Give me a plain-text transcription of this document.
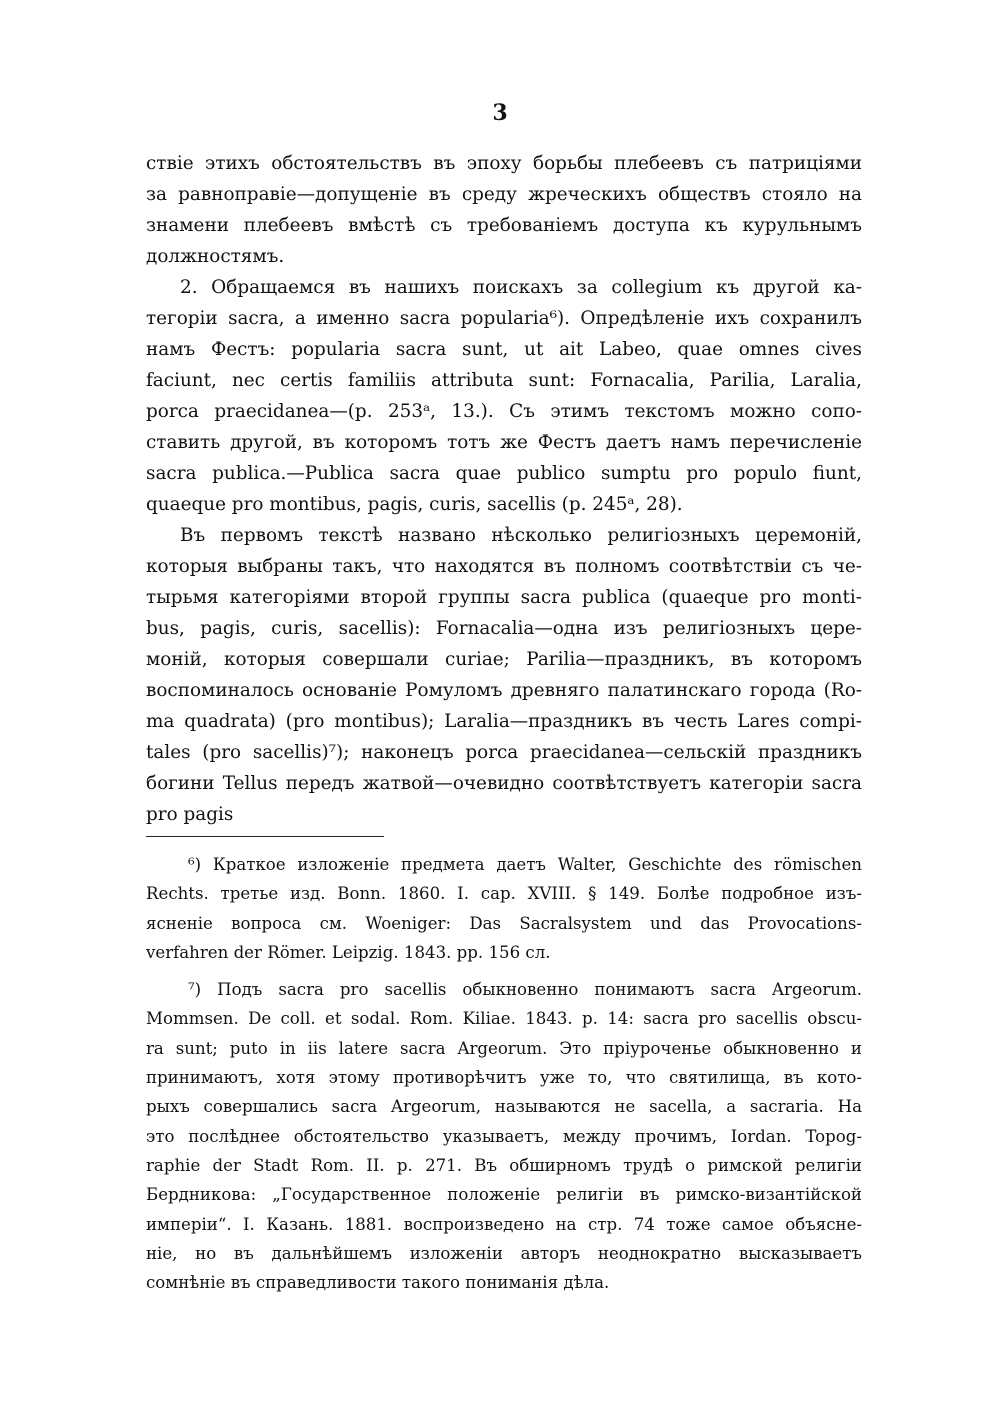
3
ствіе этихъ обстоятельствъ въ эпоху борьбы плебеевъ съ патриціями
за равноправіе—допущеніе въ среду жреческихъ обществъ стояло на
знамени плебеевъ вмѣстѣ съ требованіемъ доступа къ курульнымъ
должностямъ.
2. Обращаемся въ нашихъ поискахъ за collegium къ другой ка-
тегоріи sacra, а именно sacra popularia⁶). Опредѣленіе ихъ сохранилъ
намъ Фестъ: popularia sacra sunt, ut ait Labeo, quae omnes cives
faciunt, nec certis familiis attributa sunt: Fornacalia, Parilia, Laralia,
porca praecidanea—(p. 253ᵃ, 13.). Съ этимъ текстомъ можно сопо-
ставить другой, въ которомъ тотъ же Фестъ даетъ намъ перечисленіе
sacra publica.—Publica sacra quae publico sumptu pro populo fiunt,
quaeque pro montibus, pagis, curis, sacellis (p. 245ᵃ, 28).
Въ первомъ текстѣ названо нѣсколько религіозныхъ церемоній,
которыя выбраны такъ, что находятся въ полномъ соотвѣтствіи съ че-
тырьмя категоріями второй группы sacra publica (quaeque pro monti-
bus, pagis, curis, sacellis): Fornacalia—одна изъ религіозныхъ цере-
моній, которыя совершали curiae; Parilia—праздникъ, въ которомъ
воспоминалось основаніе Ромуломъ древняго палатинскаго города (Ro-
ma quadrata) (pro montibus); Laralia—праздникъ въ честь Lares compi-
tales (pro sacellis)⁷); наконецъ porca praecidanea—сельскій праздникъ
богини Tellus передъ жатвой—очевидно соотвѣтствуетъ категоріи sacra
pro pagis
⁶) Краткое изложеніе предмета даетъ Walter, Geschichte des römischen
Rechts. третье изд. Bonn. 1860. I. cap. XVIII. § 149. Болѣе подробное изъ-
ясненіе вопроса см. Woeniger: Das Sacralsystem und das Provocations-
verfahren der Römer. Leipzig. 1843. pp. 156 сл.
⁷) Подъ sacra pro sacellis обыкновенно понимаютъ sacra Argeorum.
Mommsen. De coll. et sodal. Rom. Kiliae. 1843. p. 14: sacra pro sacellis obscu-
ra sunt; puto in iis latere sacra Argeorum. Это пріуроченье обыкновенно и
принимаютъ, хотя этому противорѣчитъ уже то, что святилища, въ кото-
рыхъ совершались sacra Argeorum, называются не sacella, а sacraria. На
это послѣднее обстоятельство указываетъ, между прочимъ, Iordan. Topog-
raphie der Stadt Rom. II. p. 271. Въ обширномъ трудѣ о римской религіи
Бердникова: „Государственное положеніе религіи въ римско-византійской
имперіи“. I. Казань. 1881. воспроизведено на стр. 74 тоже самое объясне-
ніе, но въ дальнѣйшемъ изложеніи авторъ неоднократно высказываетъ
сомнѣніе въ справедливости такого пониманія дѣла.
